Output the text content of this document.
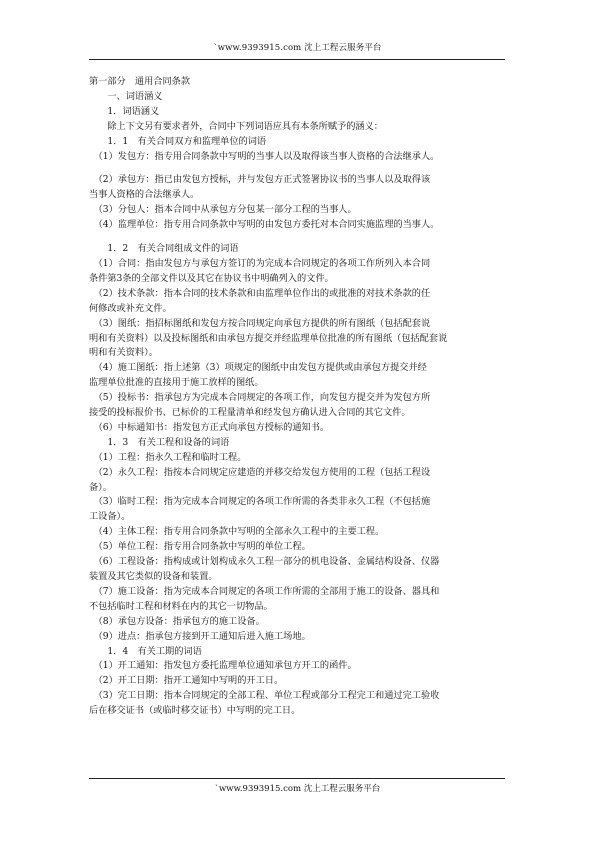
`www.9393915.com 沈上工程云服务平台
第一部分　通用合同条款
　　一、词语涵义
　　1．词语涵义
　　除上下文另有要求者外，合同中下列词语应具有本条所赋予的涵义：
　　1．1　有关合同双方和监理单位的词语
　（1）发包方：指专用合同条款中写明的当事人以及取得该当事人资格的合法继承人。
　（2）承包方：指已由发包方授标，并与发包方正式签署协议书的当事人以及取得该
当事人资格的合法继承人。
　（3）分包人：指本合同中从承包方分包某一部分工程的当事人。
　（4）监理单位：指专用合同条款中写明的由发包方委托对本合同实施监理的当事人。
　　1．2　有关合同组成文件的词语
　（1）合同：指由发包方与承包方签订的为完成本合同规定的各项工作所列入本合同
条件第3条的全部文件以及其它在协议书中明确列入的文件。
　（2）技术条款：指本合同的技术条款和由监理单位作出的或批准的对技术条款的任
何修改或补充文件。
　（3）图纸：指招标图纸和发包方按合同规定向承包方提供的所有图纸（包括配套说
明和有关资料）以及投标图纸和由承包方提交并经监理单位批准的所有图纸（包括配套说
明和有关资料）。
　（4）施工图纸：指上述第（3）项规定的图纸中由发包方提供或由承包方提交并经
监理单位批准的直接用于施工放样的图纸。
　（5）投标书：指承包方为完成本合同规定的各项工作，向发包方提交并为发包方所
接受的投标报价书、已标价的工程量清单和经发包方确认进入合同的其它文件。
　（6）中标通知书：指发包方正式向承包方授标的通知书。
　　1．3　有关工程和设备的词语
　（1）工程：指永久工程和临时工程。
　（2）永久工程：指按本合同规定应建造的并移交给发包方使用的工程（包括工程设
备）。
　（3）临时工程：指为完成本合同规定的各项工作所需的各类非永久工程（不包括施
工设备）。
　（4）主体工程：指专用合同条款中写明的全部永久工程中的主要工程。
　（5）单位工程：指专用合同条款中写明的单位工程。
　（6）工程设备：指构成或计划构成永久工程一部分的机电设备、金属结构设备、仪器
装置及其它类似的设备和装置。
　（7）施工设备：指为完成本合同规定的各项工作所需的全部用于施工的设备、器具和
不包括临时工程和材料在内的其它一切物品。
　（8）承包方设备：指承包方的施工设备。
　（9）进点：指承包方接到开工通知后进入施工场地。
　　1．4　有关工期的词语
　（1）开工通知：指发包方委托监理单位通知承包方开工的函件。
　（2）开工日期：指开工通知中写明的开工日。
　（3）完工日期：指本合同规定的全部工程、单位工程或部分工程完工和通过完工验收
后在移交证书（或临时移交证书）中写明的完工日。
`www.9393915.com 沈上工程云服务平台
